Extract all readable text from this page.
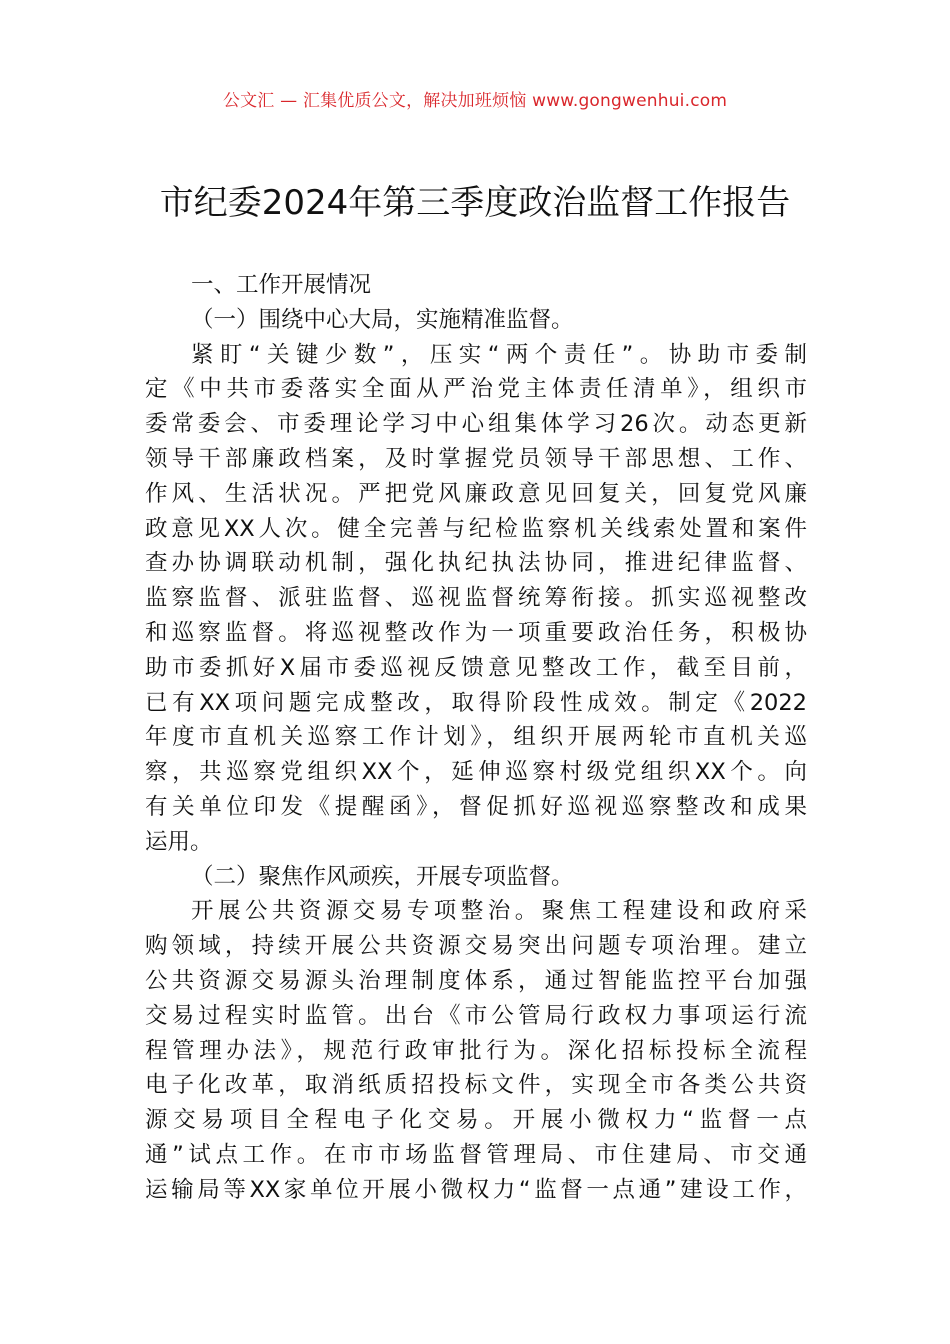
公文汇 — 汇集优质公文，解决加班烦恼 www.gongwenhui.com
市纪委2024年第三季度政治监督工作报告
一、工作开展情况
（一）围绕中心大局，实施精准监督。
紧盯“关键少数”，压实“两个责任”。协助市委制
定《中共市委落实全面从严治党主体责任清单》，组织市
委常委会、市委理论学习中心组集体学习26次。动态更新
领导干部廉政档案，及时掌握党员领导干部思想、工作、
作风、生活状况。严把党风廉政意见回复关，回复党风廉
政意见XX人次。健全完善与纪检监察机关线索处置和案件
查办协调联动机制，强化执纪执法协同，推进纪律监督、
监察监督、派驻监督、巡视监督统筹衔接。抓实巡视整改
和巡察监督。将巡视整改作为一项重要政治任务，积极协
助市委抓好X届市委巡视反馈意见整改工作，截至目前，
已有XX项问题完成整改，取得阶段性成效。制定《2022
年度市直机关巡察工作计划》，组织开展两轮市直机关巡
察，共巡察党组织XX个，延伸巡察村级党组织XX个。向
有关单位印发《提醒函》，督促抓好巡视巡察整改和成果
运用。
（二）聚焦作风顽疾，开展专项监督。
开展公共资源交易专项整治。聚焦工程建设和政府采
购领域，持续开展公共资源交易突出问题专项治理。建立
公共资源交易源头治理制度体系，通过智能监控平台加强
交易过程实时监管。出台《市公管局行政权力事项运行流
程管理办法》，规范行政审批行为。深化招标投标全流程
电子化改革，取消纸质招投标文件，实现全市各类公共资
源交易项目全程电子化交易。开展小微权力“监督一点
通”试点工作。在市市场监督管理局、市住建局、市交通
运输局等XX家单位开展小微权力“监督一点通”建设工作，
